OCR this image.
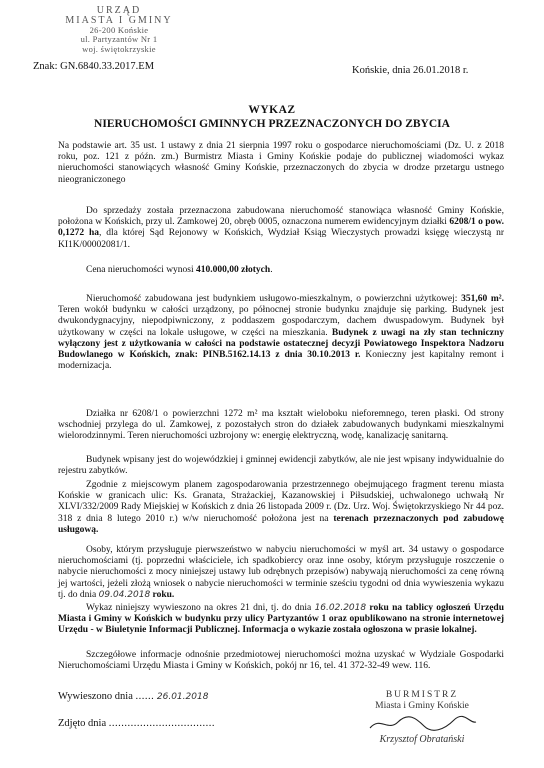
URZĄD
MIASTA I GMINY
26-200 Końskie
ul. Partyzantów Nr 1
woj. świętokrzyskie
Znak: GN.6840.33.2017.EM	Końskie, dnia 26.01.2018 r.
WYKAZ
NIERUCHOMOŚCI GMINNYCH PRZEZNACZONYCH DO ZBYCIA
Na podstawie art. 35 ust. 1 ustawy z dnia 21 sierpnia 1997 roku o gospodarce nieruchomościami (Dz. U. z 2018 roku, poz. 121 z późn. zm.) Burmistrz Miasta i Gminy Końskie podaje do publicznej wiadomości wykaz nieruchomości stanowiących własność Gminy Końskie, przeznaczonych do zbycia w drodze przetargu ustnego nieograniczonego
Do sprzedaży została przeznaczona zabudowana nieruchomość stanowiąca własność Gminy Końskie, położona w Końskich, przy ul. Zamkowej 20, obręb 0005, oznaczona numerem ewidencyjnym działki 6208/1 o pow. 0,1272 ha, dla której Sąd Rejonowy w Końskich, Wydział Ksiąg Wieczystych prowadzi księgę wieczystą nr KI1K/00002081/1.
Cena nieruchomości wynosi 410.000,00 złotych.
Nieruchomość zabudowana jest budynkiem usługowo-mieszkalnym, o powierzchni użytkowej: 351,60 m². Teren wokół budynku w całości urządzony, po północnej stronie budynku znajduje się parking. Budynek jest dwukondygnacyjny, niepodpiwniczony, z poddaszem gospodarczym, dachem dwuspadowym. Budynek był użytkowany w części na lokale usługowe, w części na mieszkania. Budynek z uwagi na zły stan techniczny wyłączony jest z użytkowania w całości na podstawie ostatecznej decyzji Powiatowego Inspektora Nadzoru Budowlanego w Końskich, znak: PINB.5162.14.13 z dnia 30.10.2013 r. Konieczny jest kapitalny remont i modernizacja.
Działka nr 6208/1 o powierzchni 1272 m² ma kształt wieloboku nieforemnego, teren płaski. Od strony wschodniej przylega do ul. Zamkowej, z pozostałych stron do działek zabudowanych budynkami mieszkalnymi wielorodzinnymi. Teren nieruchomości uzbrojony w: energię elektryczną, wodę, kanalizację sanitarną.
Budynek wpisany jest do wojewódzkiej i gminnej ewidencji zabytków, ale nie jest wpisany indywidualnie do rejestru zabytków.
Zgodnie z miejscowym planem zagospodarowania przestrzennego obejmującego fragment terenu miasta Końskie w granicach ulic: Ks. Granata, Strażackiej, Kazanowskiej i Piłsudskiej, uchwalonego uchwałą Nr XLVI/332/2009 Rady Miejskiej w Końskich z dnia 26 listopada 2009 r. (Dz. Urz. Woj. Świętokrzyskiego Nr 44 poz. 318 z dnia 8 lutego 2010 r.) w/w nieruchomość położona jest na terenach przeznaczonych pod zabudowę usługową.
Osoby, którym przysługuje pierwszeństwo w nabyciu nieruchomości w myśl art. 34 ustawy o gospodarce nieruchomościami (tj. poprzedni właściciele, ich spadkobiercy oraz inne osoby, którym przysługuje roszczenie o nabycie nieruchomości z mocy niniejszej ustawy lub odrębnych przepisów) nabywają nieruchomości za cenę równą jej wartości, jeżeli złożą wniosek o nabycie nieruchomości w terminie sześciu tygodni od dnia wywieszenia wykazu tj. do dnia 09.04.2018 roku.
Wykaz niniejszy wywieszono na okres 21 dni, tj. do dnia 16.02.2018 roku na tablicy ogłoszeń Urzędu Miasta i Gminy w Końskich w budynku przy ulicy Partyzantów 1 oraz opublikowano na stronie internetowej Urzędu - w Biuletynie Informacji Publicznej. Informacja o wykazie została ogłoszona w prasie lokalnej.
Szczegółowe informacje odnośnie przedmiotowej nieruchomości można uzyskać w Wydziale Gospodarki Nieruchomościami Urzędu Miasta i Gminy w Końskich, pokój nr 16, tel. 41 372-32-49 wew. 116.
Wywieszono dnia ...... 26.01.2018
Zdjęto dnia ..................................
BURMISTRZ
Miasta i Gminy Końskie
Krzysztof Obratański
